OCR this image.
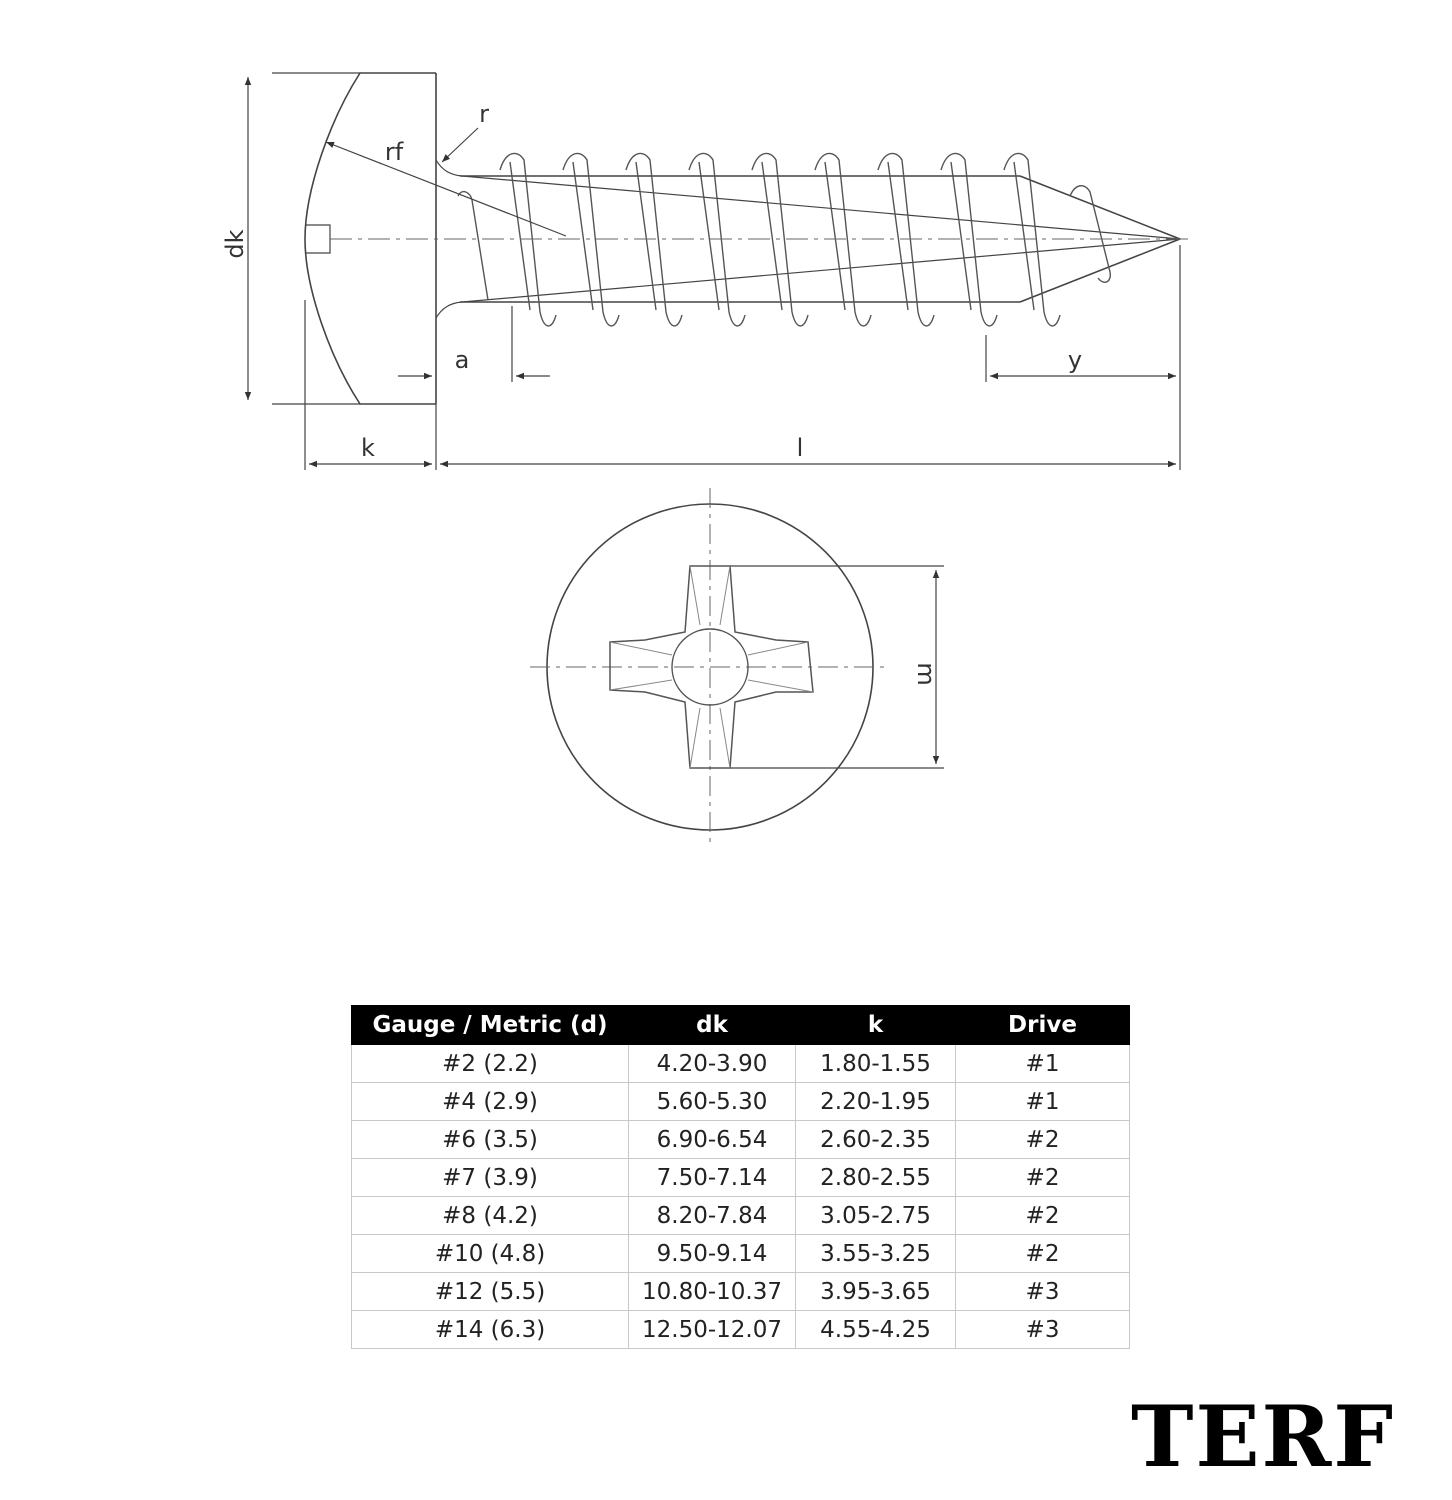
dk
k	l
a	y
r
rf
m
Gauge / Metric (d)	dk	k	Drive
#2 (2.2)	4.20-3.90	1.80-1.55	#1
#4 (2.9)	5.60-5.30	2.20-1.95	#1
#6 (3.5)	6.90-6.54	2.60-2.35	#2
#7 (3.9)	7.50-7.14	2.80-2.55	#2
#8 (4.2)	8.20-7.84	3.05-2.75	#2
#10 (4.8)	9.50-9.14	3.55-3.25	#2
#12 (5.5)	10.80-10.37	3.95-3.65	#3
#14 (6.3)	12.50-12.07	4.55-4.25	#3
TERF
